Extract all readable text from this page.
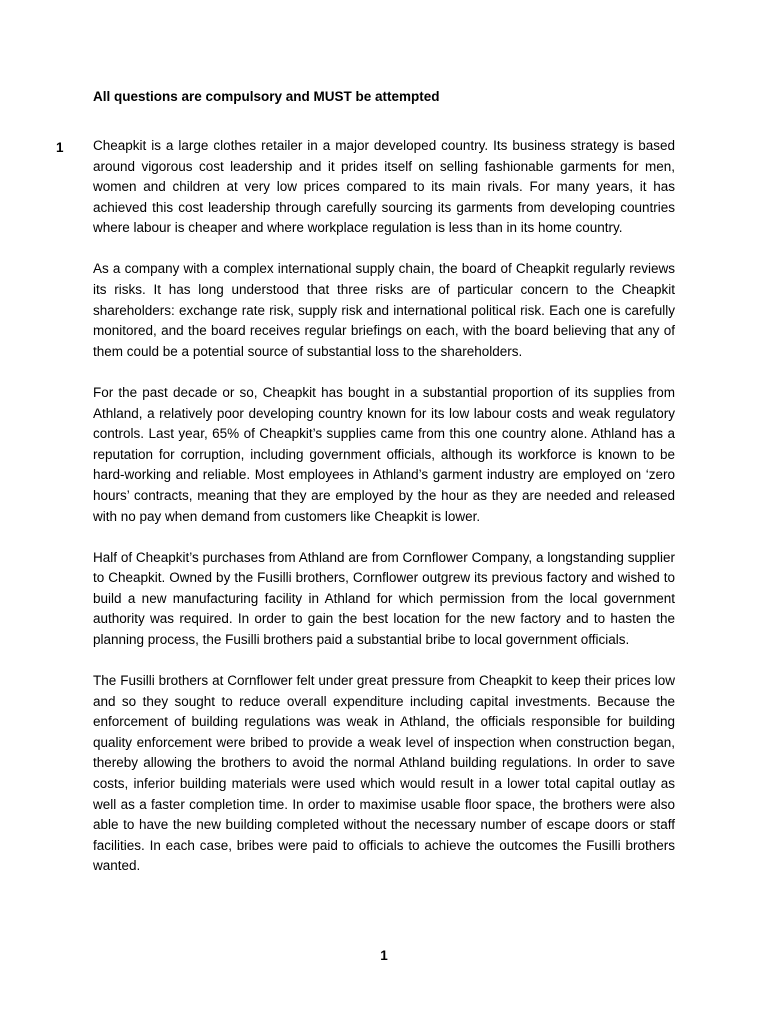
All questions are compulsory and MUST be attempted
1 Cheapkit is a large clothes retailer in a major developed country. Its business strategy is based around vigorous cost leadership and it prides itself on selling fashionable garments for men, women and children at very low prices compared to its main rivals. For many years, it has achieved this cost leadership through carefully sourcing its garments from developing countries where labour is cheaper and where workplace regulation is less than in its home country.

As a company with a complex international supply chain, the board of Cheapkit regularly reviews its risks. It has long understood that three risks are of particular concern to the Cheapkit shareholders: exchange rate risk, supply risk and international political risk. Each one is carefully monitored, and the board receives regular briefings on each, with the board believing that any of them could be a potential source of substantial loss to the shareholders.

For the past decade or so, Cheapkit has bought in a substantial proportion of its supplies from Athland, a relatively poor developing country known for its low labour costs and weak regulatory controls. Last year, 65% of Cheapkit’s supplies came from this one country alone. Athland has a reputation for corruption, including government officials, although its workforce is known to be hard-working and reliable. Most employees in Athland’s garment industry are employed on ‘zero hours’ contracts, meaning that they are employed by the hour as they are needed and released with no pay when demand from customers like Cheapkit is lower.

Half of Cheapkit’s purchases from Athland are from Cornflower Company, a longstanding supplier to Cheapkit. Owned by the Fusilli brothers, Cornflower outgrew its previous factory and wished to build a new manufacturing facility in Athland for which permission from the local government authority was required. In order to gain the best location for the new factory and to hasten the planning process, the Fusilli brothers paid a substantial bribe to local government officials.

The Fusilli brothers at Cornflower felt under great pressure from Cheapkit to keep their prices low and so they sought to reduce overall expenditure including capital investments. Because the enforcement of building regulations was weak in Athland, the officials responsible for building quality enforcement were bribed to provide a weak level of inspection when construction began, thereby allowing the brothers to avoid the normal Athland building regulations. In order to save costs, inferior building materials were used which would result in a lower total capital outlay as well as a faster completion time. In order to maximise usable floor space, the brothers were also able to have the new building completed without the necessary number of escape doors or staff facilities. In each case, bribes were paid to officials to achieve the outcomes the Fusilli brothers wanted.

1
